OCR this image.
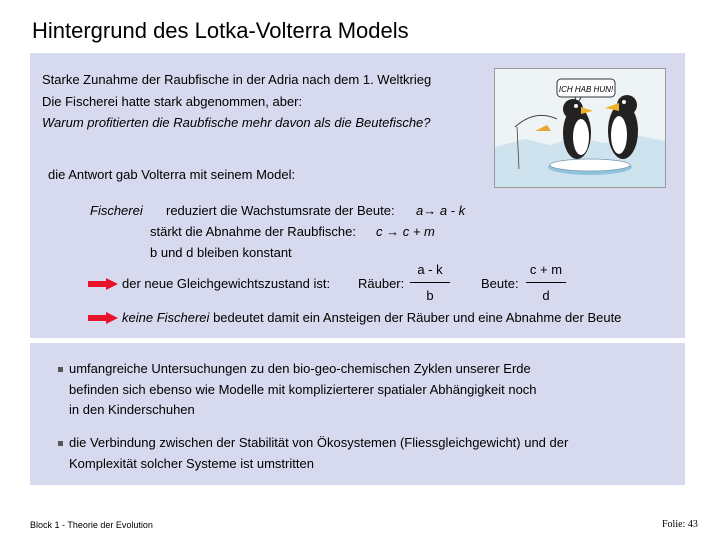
Hintergrund des Lotka-Volterra Models
Starke Zunahme der Raubfische in der Adria nach dem 1. Weltkrieg
Die Fischerei hatte stark abgenommen, aber:
Warum profitierten die Raubfische mehr davon als die Beutefische?
die Antwort gab Volterra mit seinem Model:
Fischerei reduziert die Wachstumsrate der Beute: a→ a - k
stärkt die Abnahme der Raubfische: c → c + m
b und d bleiben konstant
der neue Gleichgewichtszustand ist: Räuber:
a - k
b
Beute:
c + m
d
keine Fischerei bedeutet damit ein Ansteigen der Räuber und eine Abnahme der Beute
ICH HAB HUN!
umfangreiche Untersuchungen zu den bio-geo-chemischen Zyklen unserer Erde
befinden sich ebenso wie Modelle mit komplizierterer spatialer Abhängigkeit noch
in den Kinderschuhen
die Verbindung zwischen der Stabilität von Ökosystemen (Fliessgleichgewicht) und der
Komplexität solcher Systeme ist umstritten
Block 1 - Theorie der Evolution	Folie: 43
